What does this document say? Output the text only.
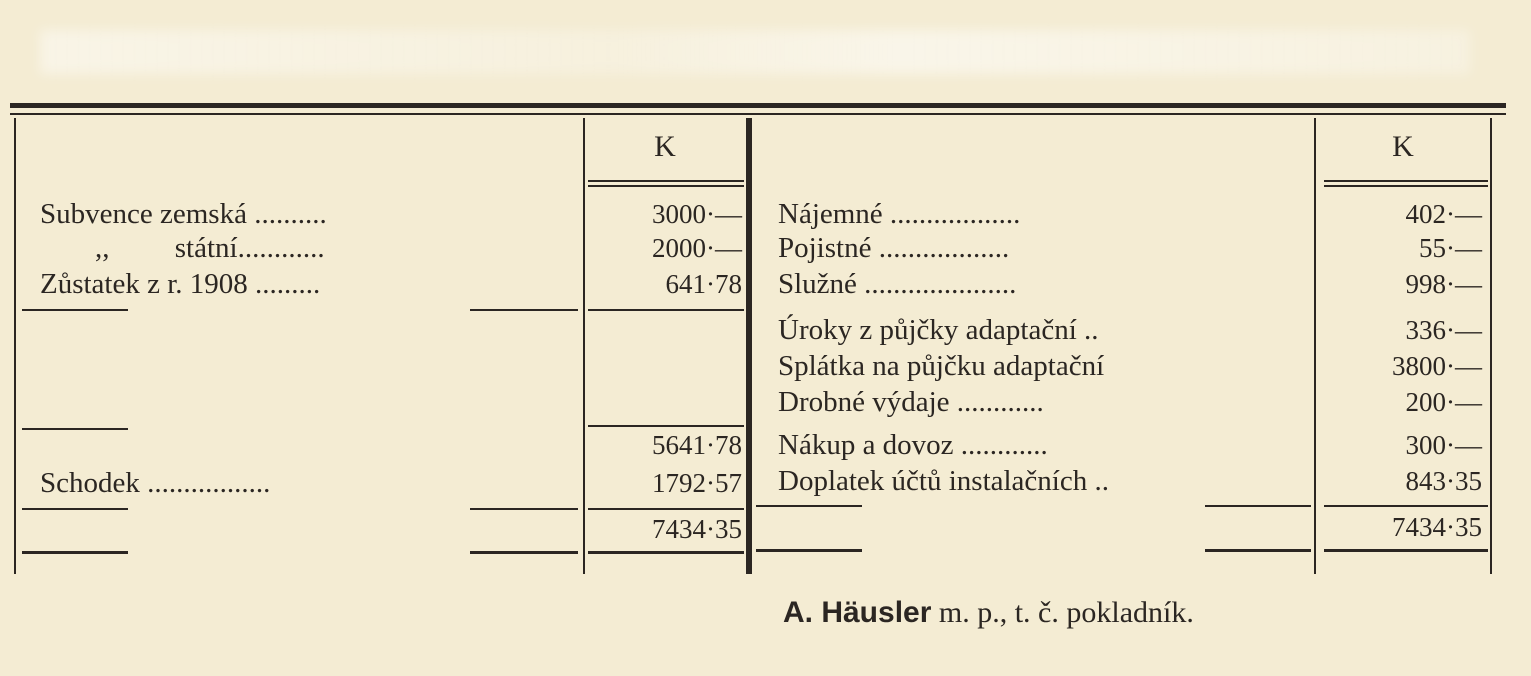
K	K
Subvence zemská ..........
,,         státní............
Zůstatek z r. 1908 .........
3000·—
2000·—
641·78
5641·78
Schodek .................	1792·57
7434·35
Nájemné ..................
Pojistné ..................
Služné .....................
Úroky z půjčky adaptační ..
Splátka na půjčku adaptační
Drobné výdaje ............
Nákup a dovoz ............
Doplatek účtů instalačních ..
402·—
55·—
998·—
336·—
3800·—
200·—
300·—
843·35
7434·35
A. Häusler m. p., t. č. pokladník.
